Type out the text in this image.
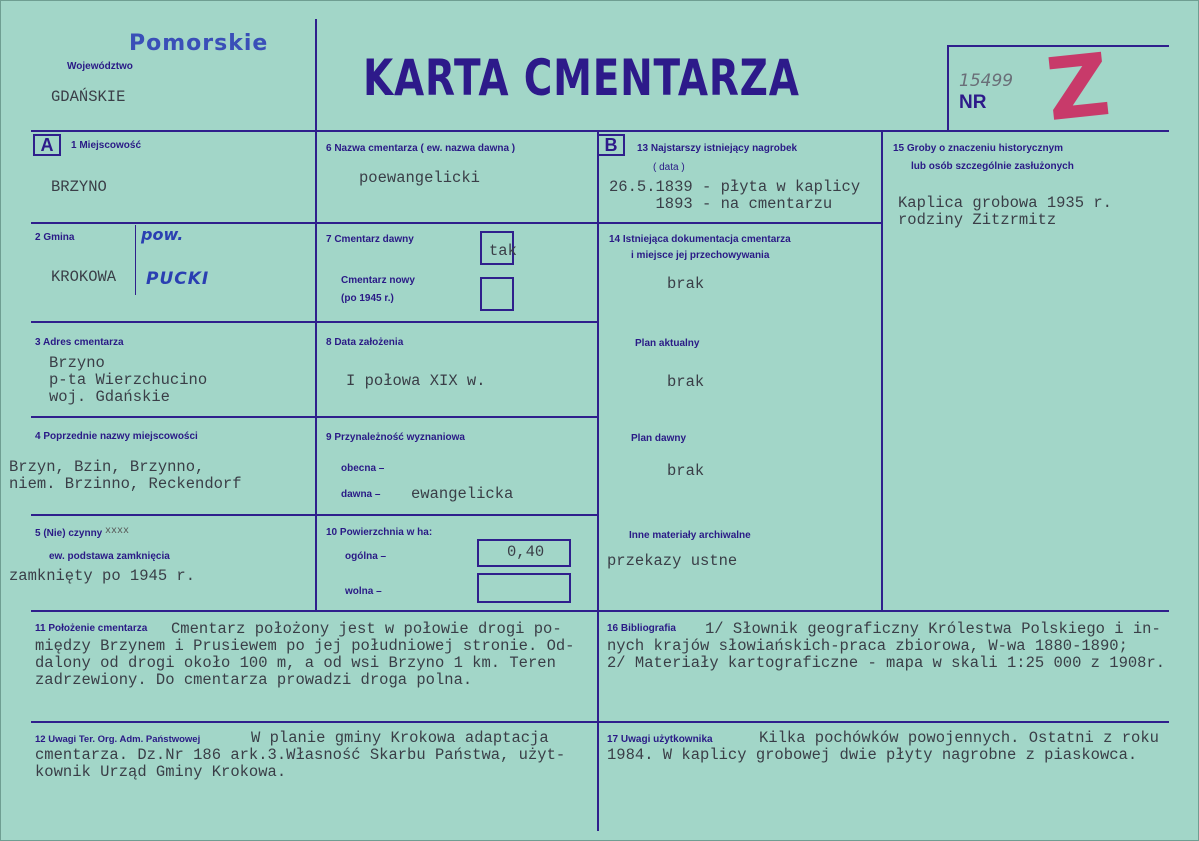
Pomorskie
Województwo
GDAŃSKIE	KARTA CMENTARZA	15499
NR Z
A	1 Miejscowość
BRZYNO
2 Gmina	pow.
KROKOWA PUCKI
3 Adres cmentarza
Brzyno
p-ta Wierzchucino
woj. Gdańskie
4 Poprzednie nazwy miejscowości
Brzyn, Bzin, Brzynno,
niem. Brzinno, Reckendorf
5 (Nie) czynny xxxx
ew. podstawa zamknięcia
zamknięty po 1945 r.
6 Nazwa cmentarza ( ew. nazwa dawna )
poewangelicki
7 Cmentarz dawny
tak
Cmentarz nowy
(po 1945 r.)
8 Data założenia
I połowa XIX w.
9 Przynależność wyznaniowa
obecna –
dawna – ewangelicka
10 Powierzchnia w ha:
ogólna –	0,40
wolna –
B	13 Najstarszy istniejący nagrobek
( data )
26.5.1839 - płyta w kaplicy
1893 - na cmentarzu
14 Istniejąca dokumentacja cmentarza
i miejsce jej przechowywania
brak
Plan aktualny
brak
Plan dawny
brak
Inne materiały archiwalne
przekazy ustne
15 Groby o znaczeniu historycznym
lub osób szczególnie zasłużonych
Kaplica grobowa 1935 r.
rodziny Zitzrmitz
11 Położenie cmentarza Cmentarz położony jest w połowie drogi po-
między Brzynem i Prusiewem po jej południowej stronie. Od-
dalony od drogi około 100 m, a od wsi Brzyno 1 km. Teren
zadrzewiony. Do cmentarza prowadzi droga polna.
16 Bibliografia 1/ Słownik geograficzny Królestwa Polskiego i in-
nych krajów słowiańskich-praca zbiorowa, W-wa 1880-1890;
2/ Materiały kartograficzne - mapa w skali 1:25 000 z 1908r.
12 Uwagi Ter. Org. Adm. Państwowej	W planie gminy Krokowa adaptacja
cmentarza. Dz.Nr 186 ark.3.Własność Skarbu Państwa, użyt-
kownik Urząd Gminy Krokowa.
17 Uwagi użytkownika	Kilka pochówków powojennych. Ostatni z roku
1984. W kaplicy grobowej dwie płyty nagrobne z piaskowca.
